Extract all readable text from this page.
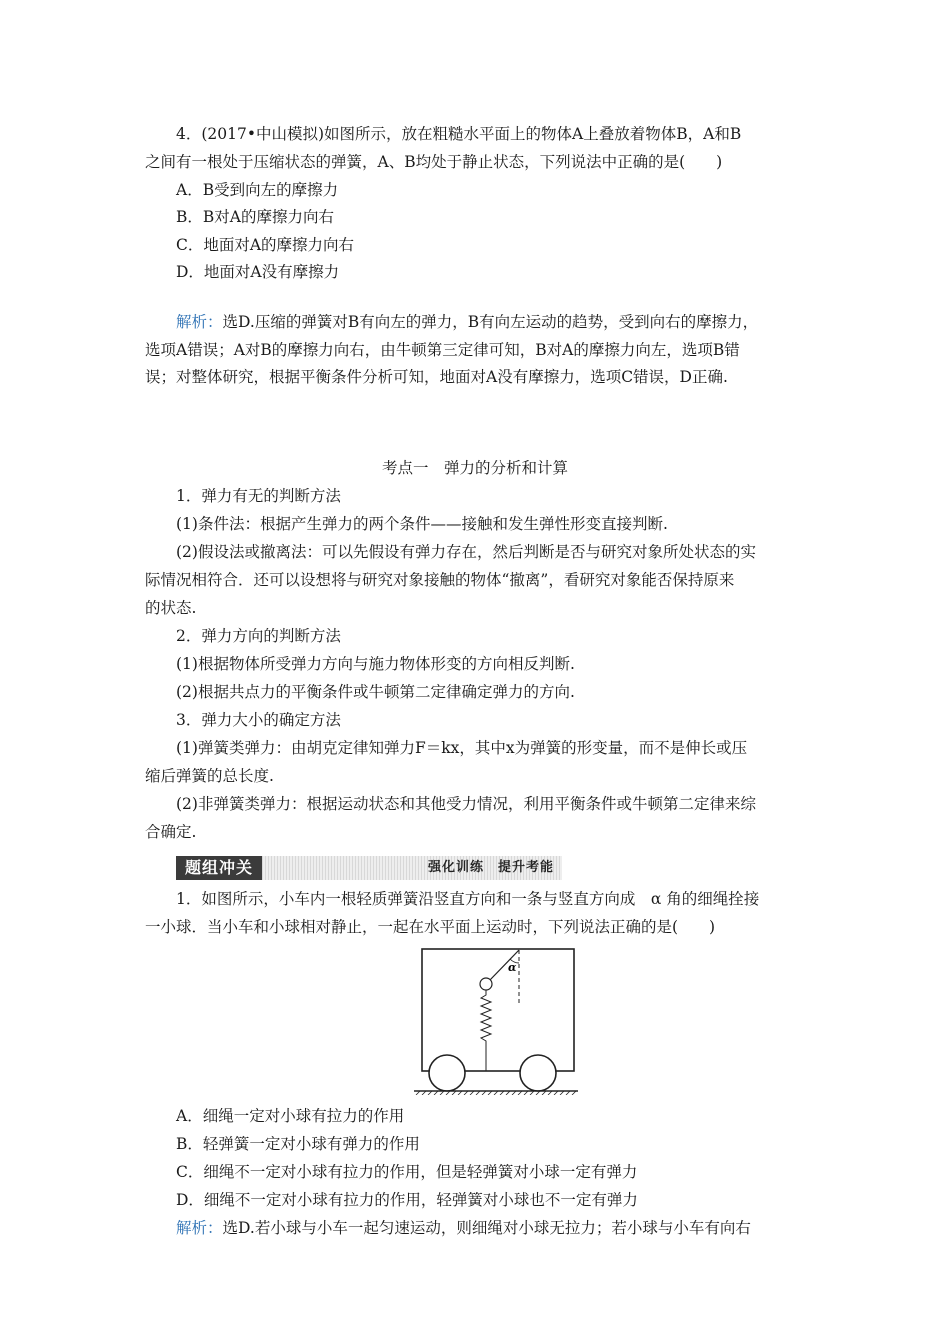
4．(2017•中山模拟)如图所示，放在粗糙水平面上的物体A上叠放着物体B，A和B
之间有一根处于压缩状态的弹簧，A、B均处于静止状态，下列说法中正确的是(　　)
A．B受到向左的摩擦力
B．B对A的摩擦力向右
C．地面对A的摩擦力向右
D．地面对A没有摩擦力
解析：选D.压缩的弹簧对B有向左的弹力，B有向左运动的趋势，受到向右的摩擦力，
选项A错误；A对B的摩擦力向右，由牛顿第三定律可知，B对A的摩擦力向左，选项B错
误；对整体研究，根据平衡条件分析可知，地面对A没有摩擦力，选项C错误，D正确.
考点一　弹力的分析和计算
1．弹力有无的判断方法
(1)条件法：根据产生弹力的两个条件——接触和发生弹性形变直接判断.
(2)假设法或撤离法：可以先假设有弹力存在，然后判断是否与研究对象所处状态的实
际情况相符合．还可以设想将与研究对象接触的物体“撤离”，看研究对象能否保持原来
的状态.
2．弹力方向的判断方法
(1)根据物体所受弹力方向与施力物体形变的方向相反判断.
(2)根据共点力的平衡条件或牛顿第二定律确定弹力的方向.
3．弹力大小的确定方法
(1)弹簧类弹力：由胡克定律知弹力F＝kx，其中x为弹簧的形变量，而不是伸长或压
缩后弹簧的总长度.
(2)非弹簧类弹力：根据运动状态和其他受力情况，利用平衡条件或牛顿第二定律来综
合确定.
题组冲关	强化训练　提升考能
1．如图所示，小车内一根轻质弹簧沿竖直方向和一条与竖直方向成　α 角的细绳拴接
一小球．当小车和小球相对静止，一起在水平面上运动时，下列说法正确的是(　　)
α
A．细绳一定对小球有拉力的作用
B．轻弹簧一定对小球有弹力的作用
C．细绳不一定对小球有拉力的作用，但是轻弹簧对小球一定有弹力
D．细绳不一定对小球有拉力的作用，轻弹簧对小球也不一定有弹力
解析：选D.若小球与小车一起匀速运动，则细绳对小球无拉力；若小球与小车有向右
